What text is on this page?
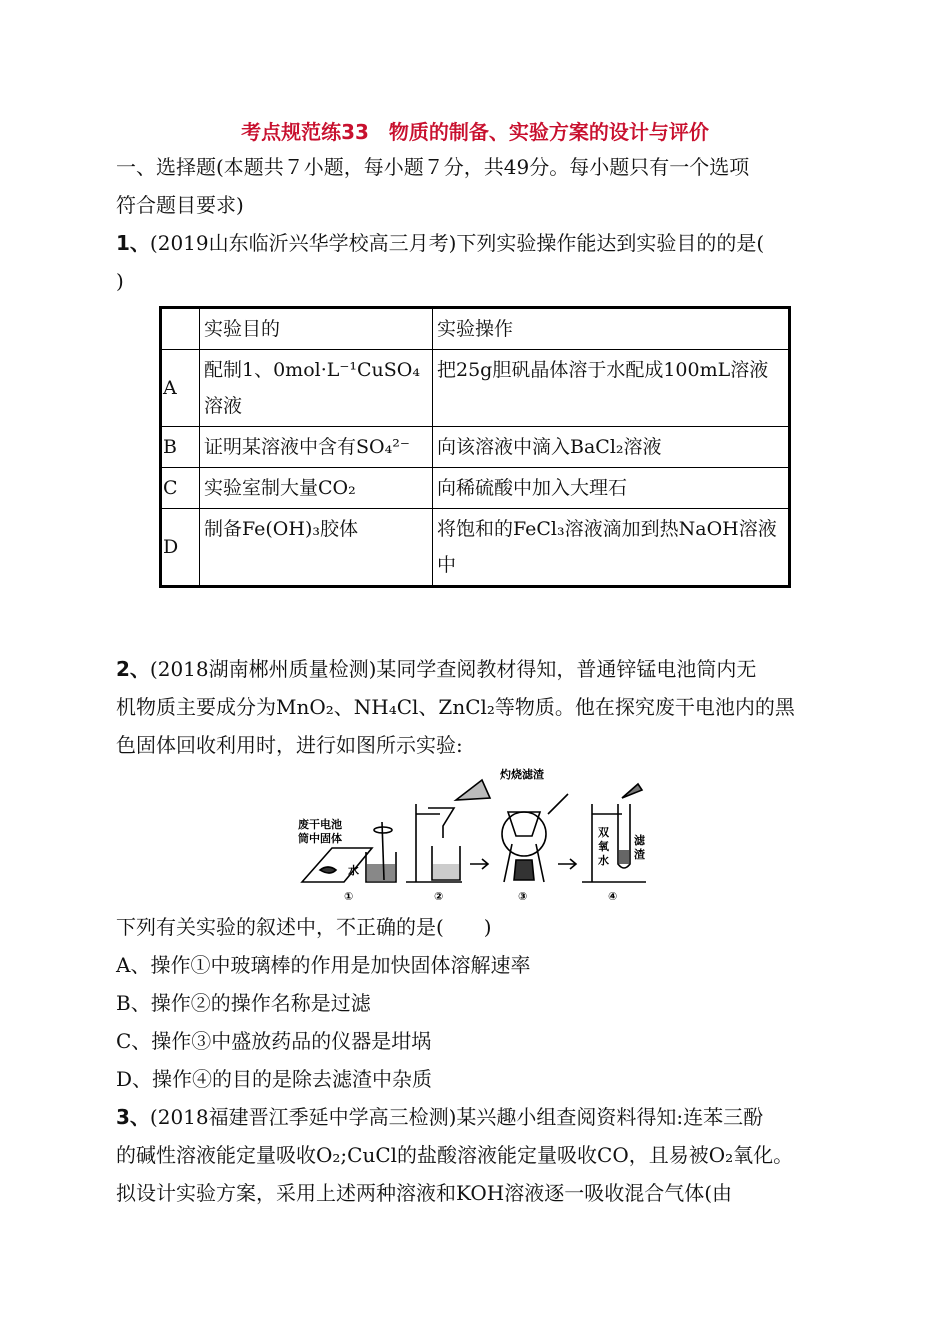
考点规范练33　物质的制备、实验方案的设计与评价
一、选择题(本题共７小题，每小题７分，共49分。每小题只有一个选项
符合题目要求)
1、(2019山东临沂兴华学校高三月考)下列实验操作能达到实验目的的是(
)
	实验目的	实验操作
A	配制1、0mol·L⁻¹CuSO₄溶液	把25g胆矾晶体溶于水配成100mL溶液
B	证明某溶液中含有SO₄²⁻	向该溶液中滴入BaCl₂溶液
C	实验室制大量CO₂	向稀硫酸中加入大理石
D	制备Fe(OH)₃胶体	将饱和的FeCl₃溶液滴加到热NaOH溶液中
2、(2018湖南郴州质量检测)某同学查阅教材得知，普通锌锰电池筒内无
机物质主要成分为MnO₂、NH₄Cl、ZnCl₂等物质。他在探究废干电池内的黑
色固体回收利用时，进行如图所示实验:
废干电池
筒中固体
水
灼烧滤渣
双
氧
水
滤
渣
①	②	③	④
下列有关实验的叙述中，不正确的是(　　)
A、操作①中玻璃棒的作用是加快固体溶解速率
B、操作②的操作名称是过滤
C、操作③中盛放药品的仪器是坩埚
D、操作④的目的是除去滤渣中杂质
3、(2018福建晋江季延中学高三检测)某兴趣小组查阅资料得知:连苯三酚
的碱性溶液能定量吸收O₂;CuCl的盐酸溶液能定量吸收CO，且易被O₂氧化。
拟设计实验方案，采用上述两种溶液和KOH溶液逐一吸收混合气体(由
